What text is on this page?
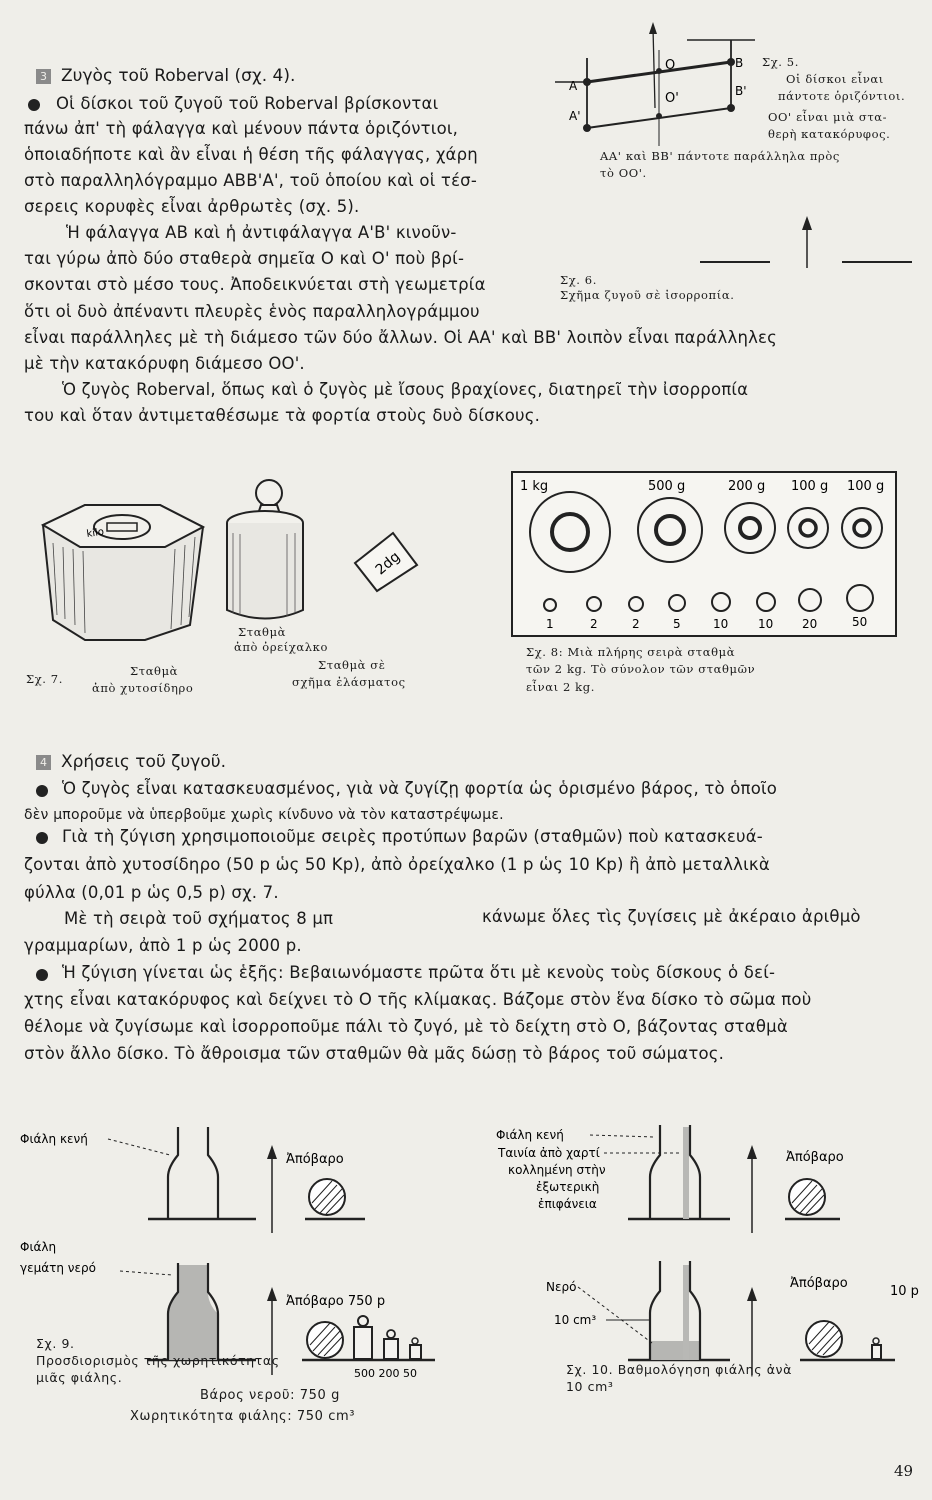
3 Ζυγὸς τοῦ Roberval (σχ. 4).
Οἱ δίσκοι τοῦ ζυγοῦ τοῦ Roberval βρίσκονται
πάνω ἀπ' τὴ φάλαγγα καὶ μένουν πάντα ὁριζόντιοι,
ὁποιαδήποτε καὶ ἂν εἶναι ἡ θέση τῆς φάλαγγας, χάρη
στὸ παραλληλόγραμμο ΑΒΒ'Α', τοῦ ὁποίου καὶ οἱ τέσ-
σερεις κορυφὲς εἶναι ἀρθρωτὲς (σχ. 5).
Ἡ φάλαγγα ΑΒ καὶ ἡ ἀντιφάλαγγα Α'Β' κινοῦν-
ται γύρω ἀπὸ δύο σταθερὰ σημεῖα Ο καὶ Ο' ποὺ βρί-
σκονται στὸ μέσο τους. Ἀποδεικνύεται στὴ γεωμετρία
ὅτι οἱ δυὸ ἀπέναντι πλευρὲς ἑνὸς παραλληλογράμμου
εἶναι παράλληλες μὲ τὴ διάμεσο τῶν δύο ἄλλων. Οἱ ΑΑ' καὶ ΒΒ' λοιπὸν εἶναι παράλληλες
μὲ τὴν κατακόρυφη διάμεσο ΟΟ'.
Ὁ ζυγὸς Roberval, ὅπως καὶ ὁ ζυγὸς μὲ ἴσους βραχίονες, διατηρεῖ τὴν ἰσορροπία
του καὶ ὅταν ἀντιμεταθέσωμε τὰ φορτία στοὺς δυὸ δίσκους.
Α
Α'
Β
Β'
Ο
Ο'
Σχ. 5.
Οἱ δίσκοι εἶναι
πάντοτε ὁριζόντιοι.
ΟΟ' εἶναι μιὰ στα-
θερὴ κατακόρυφος.
ΑΑ' καὶ ΒΒ' πάντοτε παράλληλα πρὸς
τὸ ΟΟ'.
Σχ. 6.
Σχῆμα ζυγοῦ σὲ ἰσορροπία.
kilo
2dg
Σταθμὰ
ἀπὸ ὀρείχαλκο
Σχ. 7.
Σταθμὰ
ἀπὸ χυτοσίδηρο
Σταθμὰ σὲ
σχῆμα ἐλάσματος
1 kg	500 g	200 g 100 g 100 g
1	2	2	5	10 10 20	50
Σχ. 8: Μιὰ πλήρης σειρὰ σταθμὰ
τῶν 2 kg. Τὸ σύνολον τῶν σταθμῶν
εἶναι 2 kg.
4 Χρήσεις τοῦ ζυγοῦ.
Ὁ ζυγὸς εἶναι κατασκευασμένος, γιὰ νὰ ζυγίζῃ φορτία ὡς ὁρισμένο βάρος, τὸ ὁποῖο
δὲν μποροῦμε νὰ ὑπερβοῦμε χωρὶς κίνδυνο νὰ τὸν καταστρέψωμε.
Γιὰ τὴ ζύγιση χρησιμοποιοῦμε σειρὲς προτύπων βαρῶν (σταθμῶν) ποὺ κατασκευά-
ζονται ἀπὸ χυτοσίδηρο (50 p ὡς 50 Kp), ἀπὸ ὀρείχαλκο (1 p ὡς 10 Kp) ἢ ἀπὸ μεταλλικὰ
φύλλα (0,01 p ὡς 0,5 p) σχ. 7.
Μὲ τὴ σειρὰ τοῦ σχήματος 8 μπ	κάνωμε ὅλες τὶς ζυγίσεις μὲ ἀκέραιο ἀριθμὸ
γραμμαρίων, ἀπὸ 1 p ὡς 2000 p.
Ἡ ζύγιση γίνεται ὡς ἑξῆς: Βεβαιωνόμαστε πρῶτα ὅτι μὲ κενοὺς τοὺς δίσκους ὁ δεί-
χτης εἶναι κατακόρυφος καὶ δείχνει τὸ Ο τῆς κλίμακας. Βάζομε στὸν ἕνα δίσκο τὸ σῶμα ποὺ
θέλομε νὰ ζυγίσωμε καὶ ἰσορροποῦμε πάλι τὸ ζυγό, μὲ τὸ δείχτη στὸ Ο, βάζοντας σταθμὰ
στὸν ἄλλο δίσκο. Τὸ ἄθροισμα τῶν σταθμῶν θὰ μᾶς δώσῃ τὸ βάρος τοῦ σώματος.
Φιάλη κενή
Ἀπόβαρο
Φιάλη
γεμάτη νερό
Ἀπόβαρο 750 p
500 200 50
Σχ. 9.
Προσδιορισμὸς τῆς χωρητικότητας
μιᾶς φιάλης.
Βάρος νεροῦ: 750 g
Χωρητικότητα φιάλης: 750 cm³
Φιάλη κενή
Ταινία ἀπὸ χαρτί
κολλημένη στὴν
ἐξωτερικὴ
ἐπιφάνεια
Ἀπόβαρο
Νερό
10 cm³
Ἀπόβαρο
10 p
Σχ. 10. Βαθμολόγηση φιάλης ἀνὰ
10 cm³
49
